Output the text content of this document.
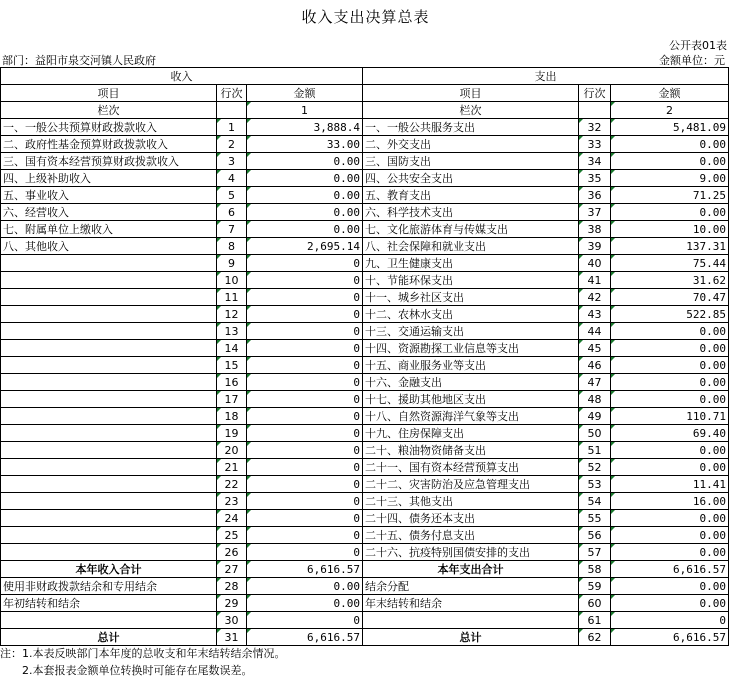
收入支出决算总表
公开表01表
部门：益阳市泉交河镇人民政府	金额单位：元
收入			支出		
项目	行次	金额	项目	行次	金额
栏次		1	栏次		2
一、一般公共预算财政拨款收入	1	3,888.4	一、一般公共服务支出	32	5,481.09
二、政府性基金预算财政拨款收入	2	33.00	二、外交支出	33	0.00
三、国有资本经营预算财政拨款收入	3	0.00	三、国防支出	34	0.00
四、上级补助收入	4	0.00	四、公共安全支出	35	9.00
五、事业收入	5	0.00	五、教育支出	36	71.25
六、经营收入	6	0.00	六、科学技术支出	37	0.00
七、附属单位上缴收入	7	0.00	七、文化旅游体育与传媒支出	38	10.00
八、其他收入	8	2,695.14	八、社会保障和就业支出	39	137.31
	9	0	九、卫生健康支出	40	75.44
	10	0	十、节能环保支出	41	31.62
	11	0	十一、城乡社区支出	42	70.47
	12	0	十二、农林水支出	43	522.85
	13	0	十三、交通运输支出	44	0.00
	14	0	十四、资源勘探工业信息等支出	45	0.00
	15	0	十五、商业服务业等支出	46	0.00
	16	0	十六、金融支出	47	0.00
	17	0	十七、援助其他地区支出	48	0.00
	18	0	十八、自然资源海洋气象等支出	49	110.71
	19	0	十九、住房保障支出	50	69.40
	20	0	二十、粮油物资储备支出	51	0.00
	21	0	二十一、国有资本经营预算支出	52	0.00
	22	0	二十二、灾害防治及应急管理支出	53	11.41
	23	0	二十三、其他支出	54	16.00
	24	0	二十四、债务还本支出	55	0.00
	25	0	二十五、债务付息支出	56	0.00
	26	0	二十六、抗疫特别国债安排的支出	57	0.00
本年收入合计	27	6,616.57	本年支出合计	58	6,616.57
使用非财政拨款结余和专用结余	28	0.00	结余分配	59	0.00
年初结转和结余	29	0.00	年末结转和结余	60	0.00
	30	0		61	0
总计	31	6,616.57	总计	62	6,616.57
注：1.本表反映部门本年度的总收支和年末结转结余情况。
　　2.本套报表金额单位转换时可能存在尾数误差。
